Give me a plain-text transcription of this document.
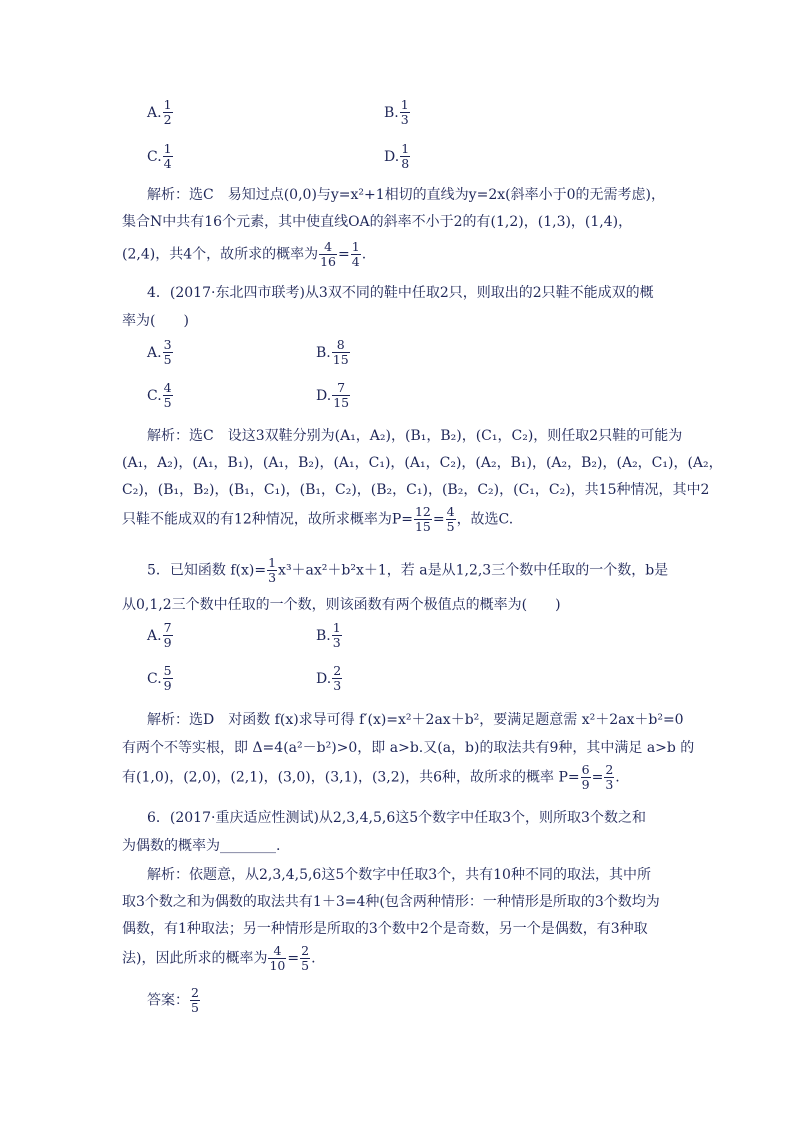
A. $\frac{1}{2}$	B. $\frac{1}{3}$
C. $\frac{1}{4}$	D. $\frac{1}{8}$
解析：选C　易知过点(0,0)与y=x²+1相切的直线为y=2x(斜率小于0的无需考虑)，
集合N中共有16个元素，其中使直线OA的斜率不小于2的有(1,2)，(1,3)，(1,4)，
(2,4)，共4个，故所求的概率为 $\frac{4}{16} = \frac{1}{4}$ .
4．(2017·东北四市联考)从3双不同的鞋中任取2只，则取出的2只鞋不能成双的概
率为(　　)
A. $\frac{3}{5}$	B. $\frac{8}{15}$
C. $\frac{4}{5}$	D. $\frac{7}{15}$
解析：选C　设这3双鞋分别为(A₁，A₂)，(B₁，B₂)，(C₁，C₂)，则任取2只鞋的可能为
(A₁，A₂)，(A₁，B₁)，(A₁，B₂)，(A₁，C₁)，(A₁，C₂)，(A₂，B₁)，(A₂，B₂)，(A₂，C₁)，(A₂，
C₂)，(B₁，B₂)，(B₁，C₁)，(B₁，C₂)，(B₂，C₁)，(B₂，C₂)，(C₁，C₂)，共15种情况，其中2
只鞋不能成双的有12种情况，故所求概率为$P= \frac{12}{15} = \frac{4}{5}$ ，故选C.
5．已知函数 $f(x)= \frac{1}{3} x^3+ax^2+b^2x+1$，若 a是从1,2,3三个数中任取的一个数，b是
从0,1,2三个数中任取的一个数，则该函数有两个极值点的概率为(　　)
A. $\frac{7}{9}$	B. $\frac{1}{3}$
C. $\frac{5}{9}$	D. $\frac{2}{3}$
解析：选D　对函数 f(x)求导可得 f′(x)=x²＋2ax＋b²，要满足题意需 x²＋2ax＋b²=0
有两个不等实根，即 Δ=4(a²－b²)>0，即 a>b.又(a，b)的取法共有9种，其中满足 a>b 的
有(1,0)，(2,0)，(2,1)，(3,0)，(3,1)，(3,2)，共6种，故所求的概率 $P= \frac{6}{9} = \frac{2}{3}$ .
6．(2017·重庆适应性测试)从2,3,4,5,6这5个数字中任取3个，则所取3个数之和
为偶数的概率为________.
解析：依题意，从2,3,4,5,6这5个数字中任取3个，共有10种不同的取法，其中所
取3个数之和为偶数的取法共有1＋3=4种(包含两种情形：一种情形是所取的3个数均为
偶数，有1种取法；另一种情形是所取的3个数中2个是奇数，另一个是偶数，有3种取
法)，因此所求的概率为 $\frac{4}{10} = \frac{2}{5}$ .
答案： $\frac{2}{5}$
